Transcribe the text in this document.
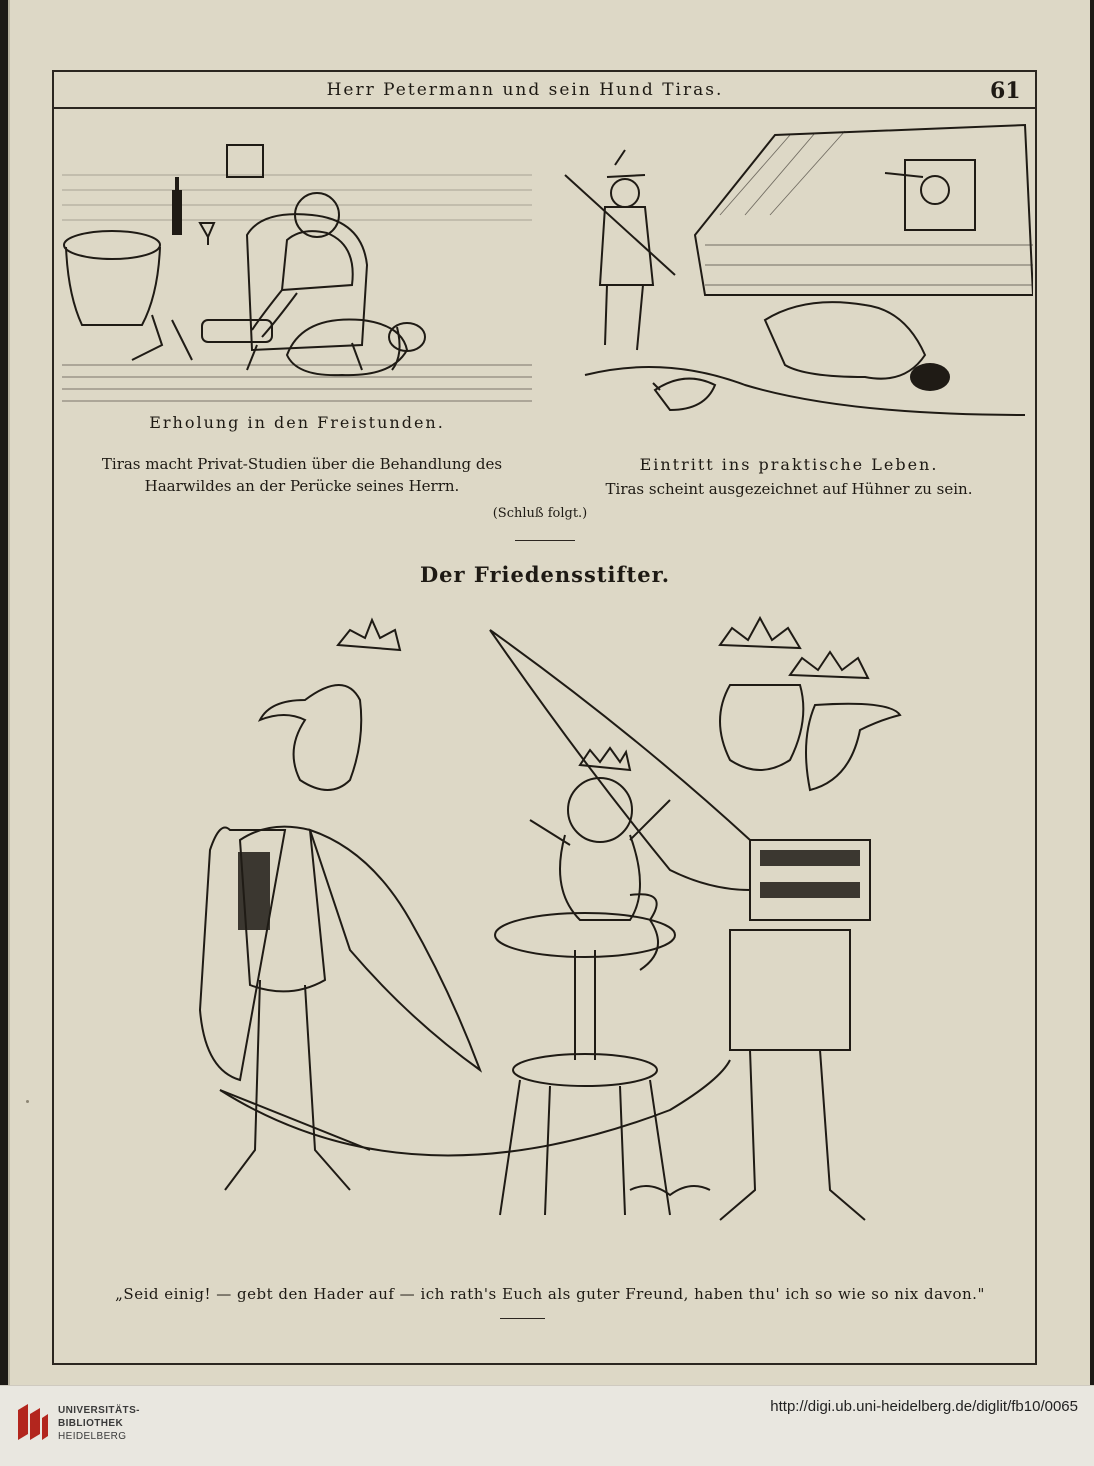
Herr Petermann und sein Hund Tiras.	61
Erholung in den Freistunden.
Tiras macht Privat-Studien über die Behandlung des
Haarwildes an der Perücke seines Herrn.
Eintritt ins praktische Leben.
Tiras scheint ausgezeichnet auf Hühner zu sein.
(Schluß folgt.)
Der Friedensstifter.
„Seid einig! — gebt den Hader auf — ich rath's Euch als guter Freund, haben thu' ich so wie so nix davon."
UNIVERSITÄTS-
BIBLIOTHEK
HEIDELBERG
http://digi.ub.uni-heidelberg.de/diglit/fb10/0065
